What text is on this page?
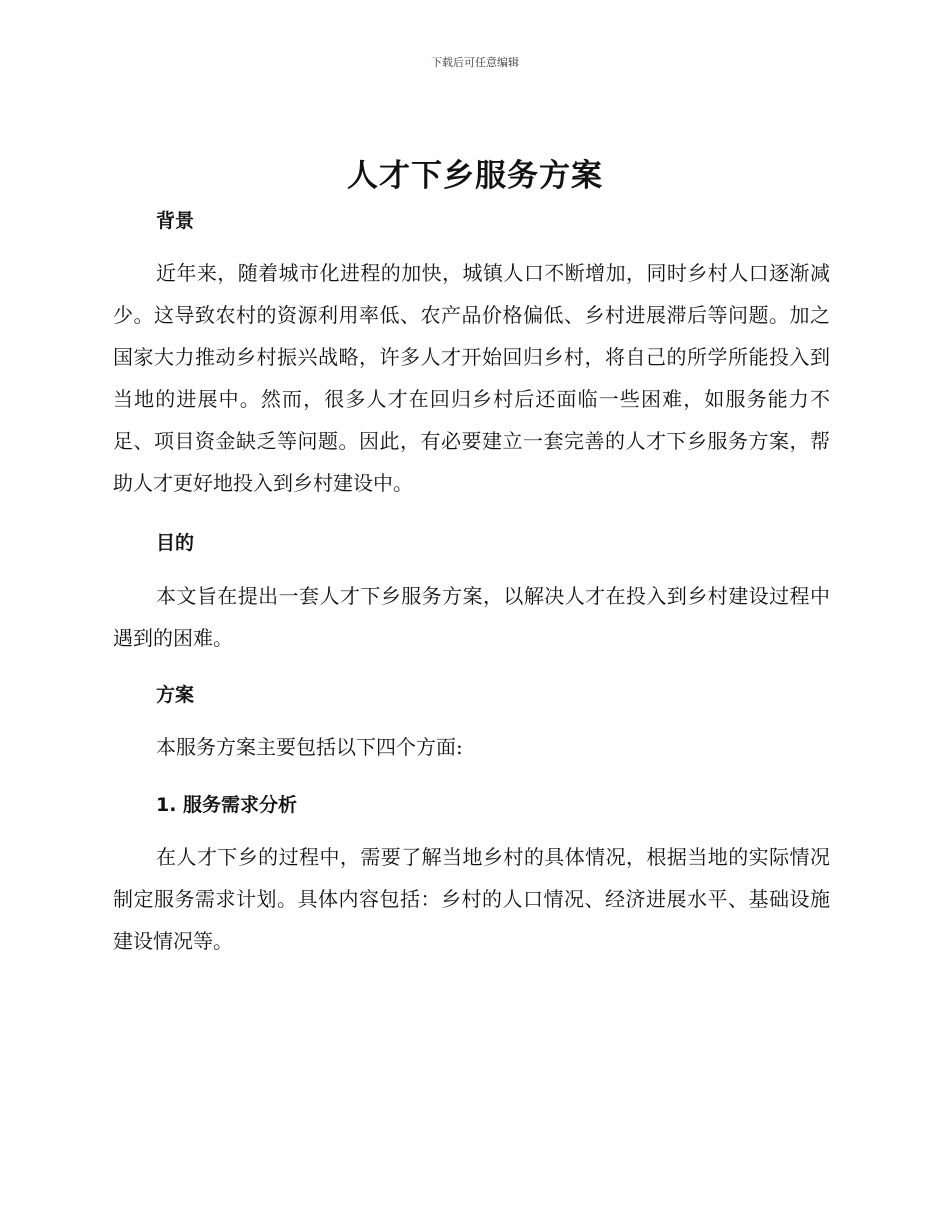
下载后可任意编辑
人才下乡服务方案
背景

近年来，随着城市化进程的加快，城镇人口不断增加，同时乡村人口逐渐减少。这导致农村的资源利用率低、农产品价格偏低、乡村进展滞后等问题。加之国家大力推动乡村振兴战略，许多人才开始回归乡村，将自己的所学所能投入到当地的进展中。然而，很多人才在回归乡村后还面临一些困难，如服务能力不足、项目资金缺乏等问题。因此，有必要建立一套完善的人才下乡服务方案，帮助人才更好地投入到乡村建设中。

目的

本文旨在提出一套人才下乡服务方案，以解决人才在投入到乡村建设过程中遇到的困难。

方案

本服务方案主要包括以下四个方面:

1. 服务需求分析

在人才下乡的过程中，需要了解当地乡村的具体情况，根据当地的实际情况制定服务需求计划。具体内容包括：乡村的人口情况、经济进展水平、基础设施建设情况等。
